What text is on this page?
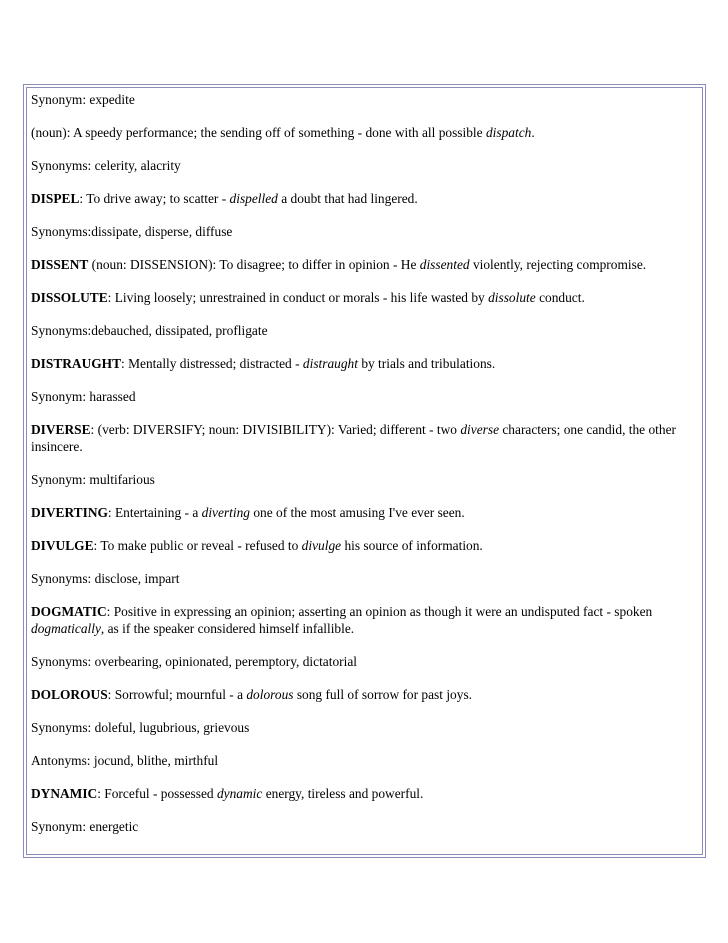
Synonym: expedite

(noun): A speedy performance; the sending off of something - done with all possible dispatch.

Synonyms: celerity, alacrity

DISPEL: To drive away; to scatter - dispelled a doubt that had lingered.

Synonyms:dissipate, disperse, diffuse

DISSENT (noun: DISSENSION): To disagree; to differ in opinion - He dissented violently, rejecting compromise.

DISSOLUTE: Living loosely; unrestrained in conduct or morals - his life wasted by dissolute conduct.

Synonyms:debauched, dissipated, profligate

DISTRAUGHT: Mentally distressed; distracted - distraught by trials and tribulations.

Synonym: harassed

DIVERSE: (verb: DIVERSIFY; noun: DIVISIBILITY): Varied; different - two diverse characters; one candid, the other insincere.

Synonym: multifarious

DIVERTING: Entertaining - a diverting one of the most amusing I've ever seen.

DIVULGE: To make public or reveal - refused to divulge his source of information.

Synonyms: disclose, impart

DOGMATIC: Positive in expressing an opinion; asserting an opinion as though it were an undisputed fact - spoken dogmatically, as if the speaker considered himself infallible.

Synonyms: overbearing, opinionated, peremptory, dictatorial

DOLOROUS: Sorrowful; mournful - a dolorous song full of sorrow for past joys.

Synonyms: doleful, lugubrious, grievous

Antonyms: jocund, blithe, mirthful

DYNAMIC: Forceful - possessed dynamic energy, tireless and powerful.

Synonym: energetic
